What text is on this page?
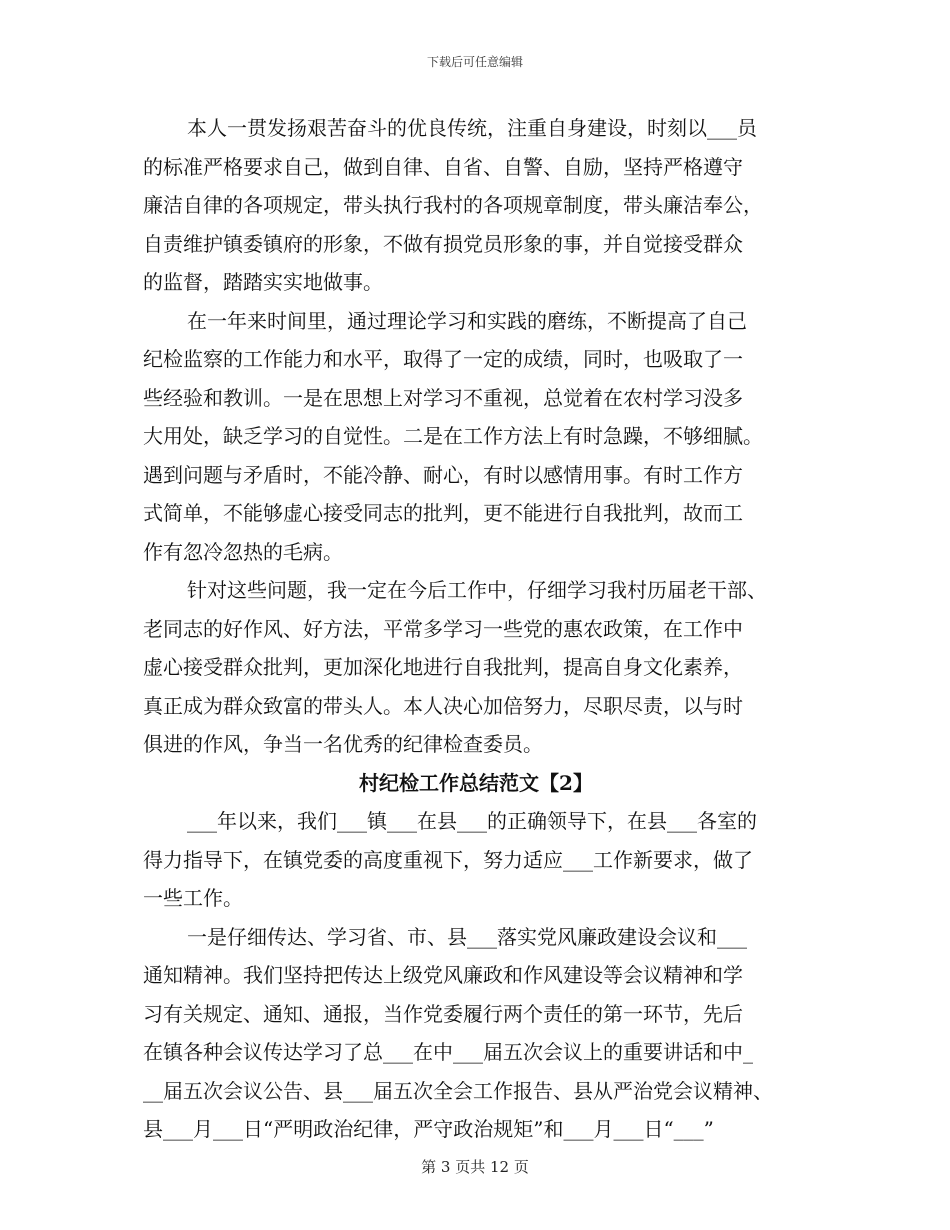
下载后可任意编辑
本人一贯发扬艰苦奋斗的优良传统，注重自身建设，时刻以___员
的标准严格要求自己，做到自律、自省、自警、自励，坚持严格遵守
廉洁自律的各项规定，带头执行我村的各项规章制度，带头廉洁奉公，
自责维护镇委镇府的形象，不做有损党员形象的事，并自觉接受群众
的监督，踏踏实实地做事。
在一年来时间里，通过理论学习和实践的磨练，不断提高了自己
纪检监察的工作能力和水平，取得了一定的成绩，同时，也吸取了一
些经验和教训。一是在思想上对学习不重视，总觉着在农村学习没多
大用处，缺乏学习的自觉性。二是在工作方法上有时急躁，不够细腻。
遇到问题与矛盾时，不能冷静、耐心，有时以感情用事。有时工作方
式简单，不能够虚心接受同志的批判，更不能进行自我批判，故而工
作有忽冷忽热的毛病。
针对这些问题，我一定在今后工作中，仔细学习我村历届老干部、
老同志的好作风、好方法，平常多学习一些党的惠农政策，在工作中
虚心接受群众批判，更加深化地进行自我批判，提高自身文化素养，
真正成为群众致富的带头人。本人决心加倍努力，尽职尽责，以与时
俱进的作风，争当一名优秀的纪律检查委员。
村纪检工作总结范文【2】
___年以来，我们___镇___在县___的正确领导下，在县___各室的
得力指导下，在镇党委的高度重视下，努力适应___工作新要求，做了
一些工作。
一是仔细传达、学习省、市、县___落实党风廉政建设会议和___
通知精神。我们坚持把传达上级党风廉政和作风建设等会议精神和学
习有关规定、通知、通报，当作党委履行两个责任的第一环节，先后
在镇各种会议传达学习了总___在中___届五次会议上的重要讲话和中_
__届五次会议公告、县___届五次全会工作报告、县从严治党会议精神、
县___月___日“严明政治纪律，严守政治规矩”和___月___日“___”
第 3 页共 12 页
